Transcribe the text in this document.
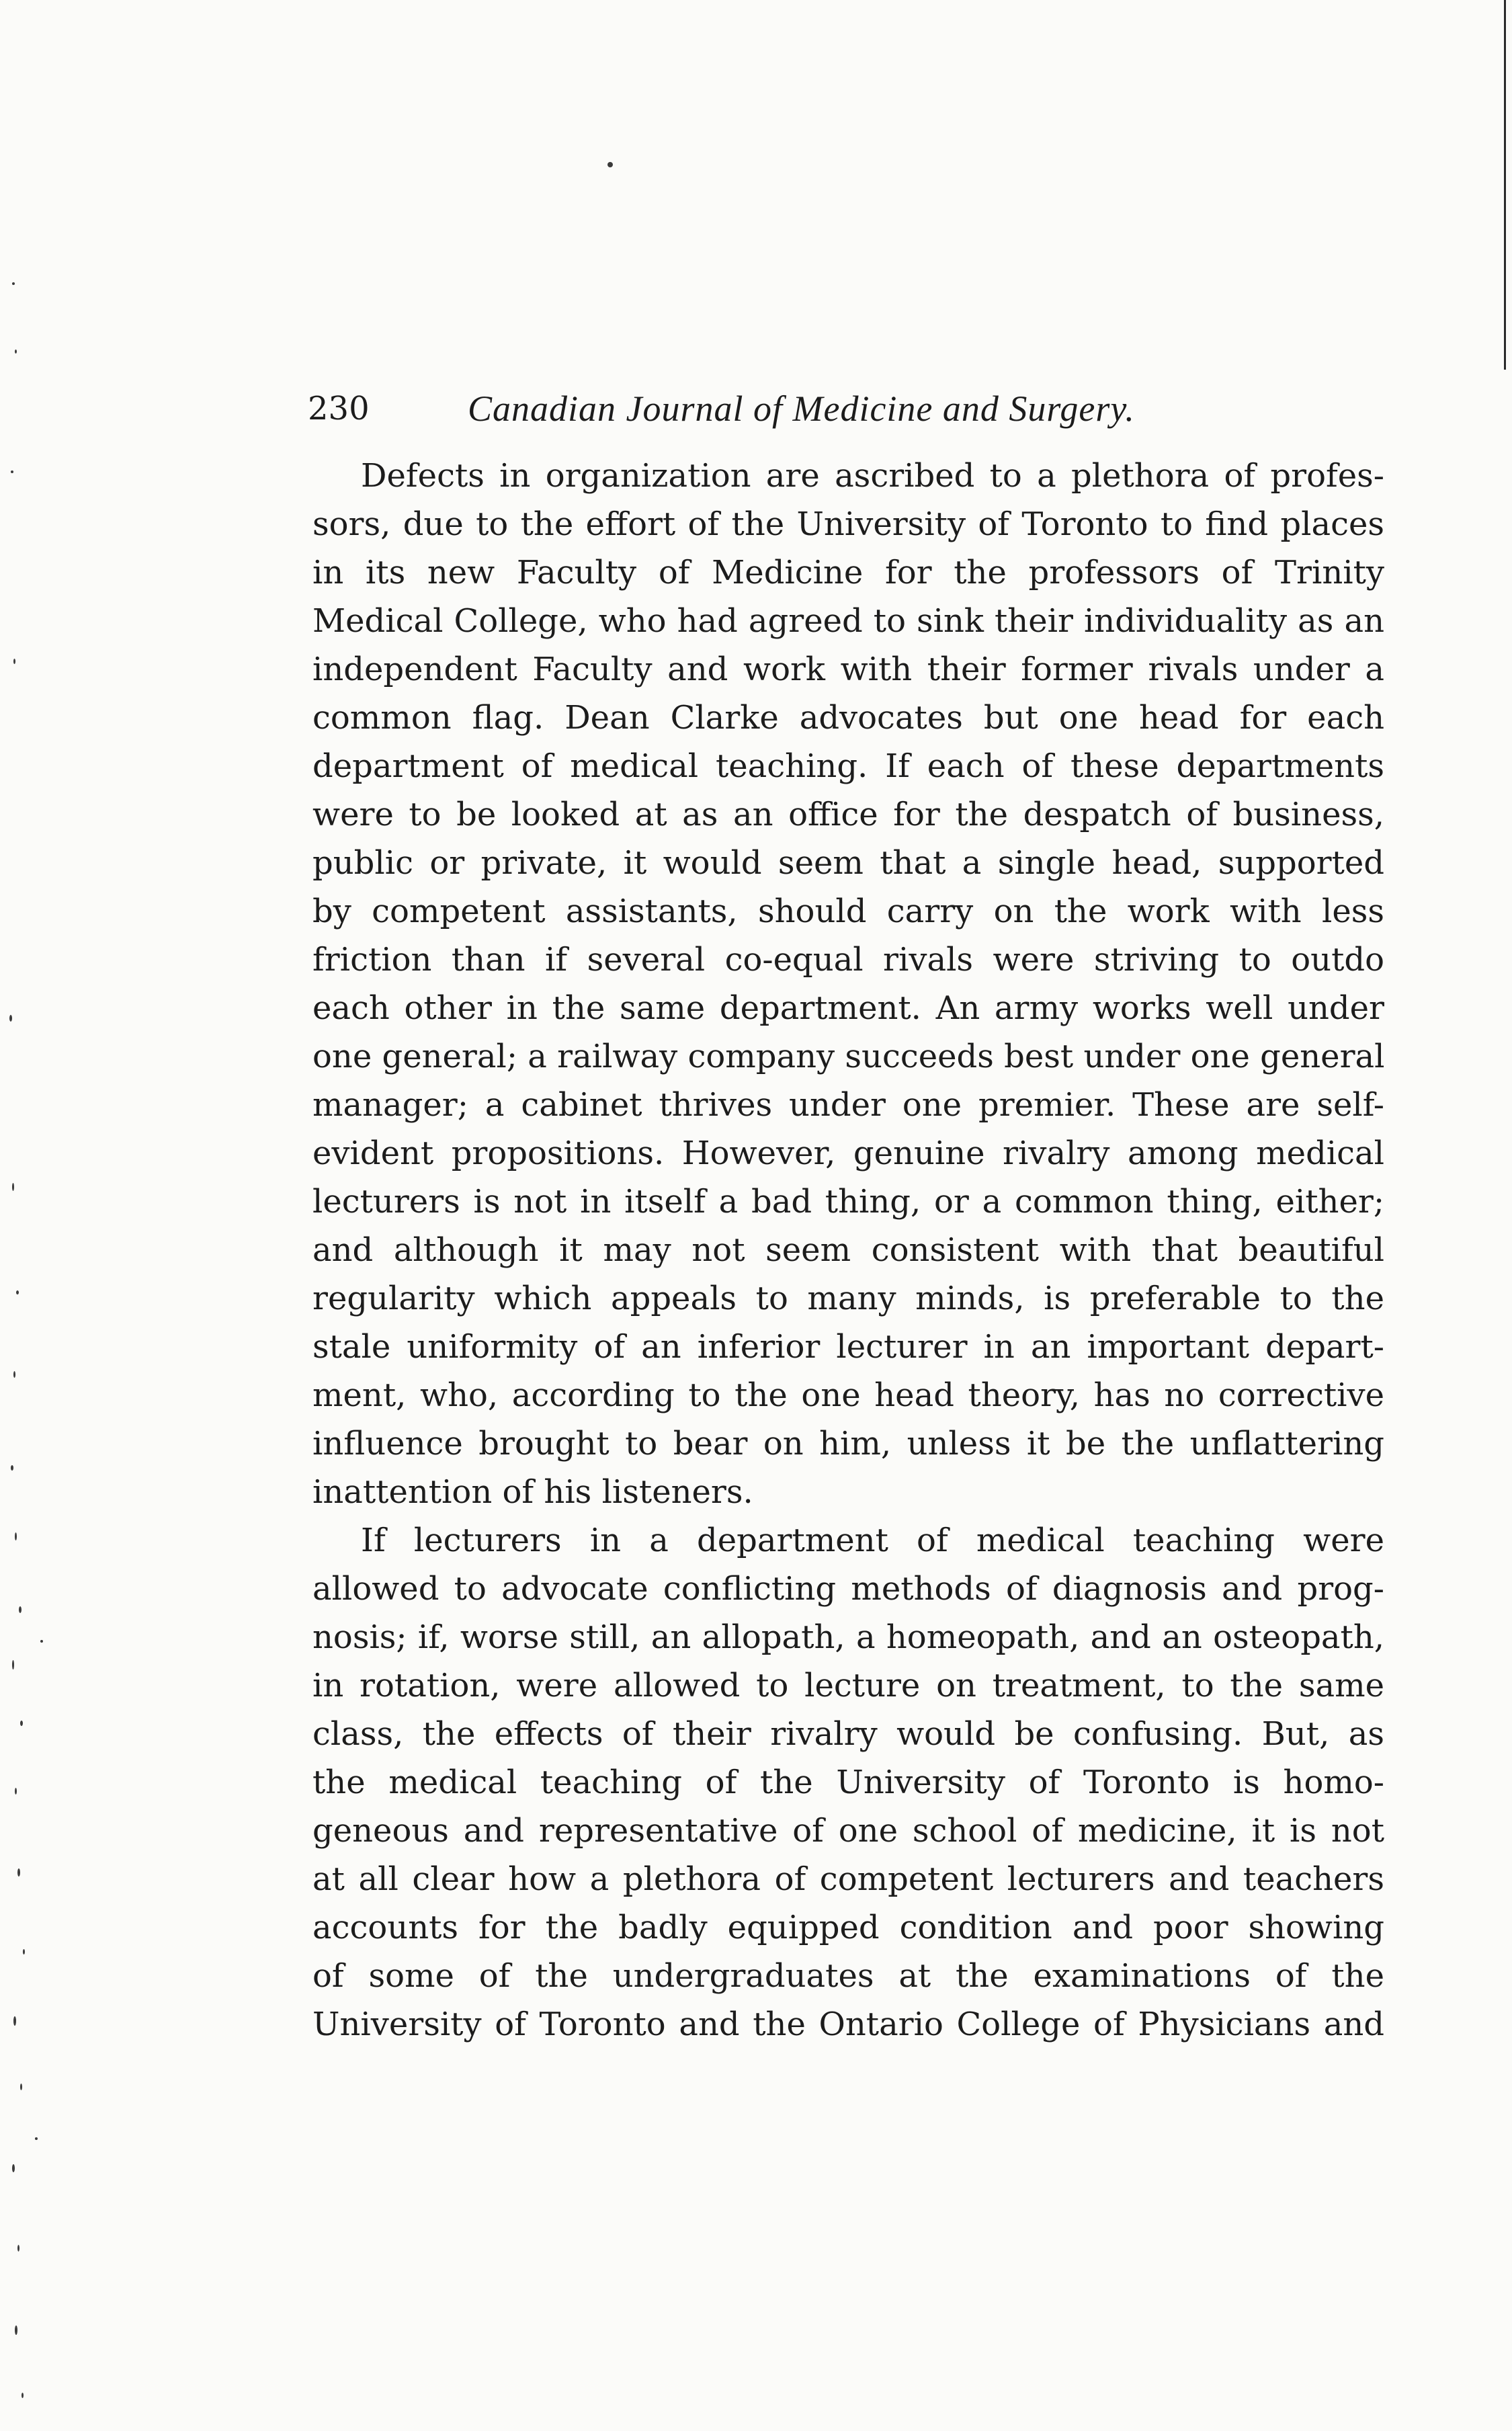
230	Canadian Journal of Medicine and Surgery.
Defects in organization are ascribed to a plethora of profes-
sors, due to the effort of the University of Toronto to find places
in its new Faculty of Medicine for the professors of Trinity
Medical College, who had agreed to sink their individuality as an
independent Faculty and work with their former rivals under a
common flag. Dean Clarke advocates but one head for each
department of medical teaching. If each of these departments
were to be looked at as an office for the despatch of business,
public or private, it would seem that a single head, supported
by competent assistants, should carry on the work with less
friction than if several co-equal rivals were striving to outdo
each other in the same department. An army works well under
one general; a railway company succeeds best under one general
manager; a cabinet thrives under one premier. These are self-
evident propositions. However, genuine rivalry among medical
lecturers is not in itself a bad thing, or a common thing, either;
and although it may not seem consistent with that beautiful
regularity which appeals to many minds, is preferable to the
stale uniformity of an inferior lecturer in an important depart-
ment, who, according to the one head theory, has no corrective
influence brought to bear on him, unless it be the unflattering
inattention of his listeners.
If lecturers in a department of medical teaching were
allowed to advocate conflicting methods of diagnosis and prog-
nosis; if, worse still, an allopath, a homeopath, and an osteopath,
in rotation, were allowed to lecture on treatment, to the same
class, the effects of their rivalry would be confusing. But, as
the medical teaching of the University of Toronto is homo-
geneous and representative of one school of medicine, it is not
at all clear how a plethora of competent lecturers and teachers
accounts for the badly equipped condition and poor showing
of some of the undergraduates at the examinations of the
University of Toronto and the Ontario College of Physicians and
